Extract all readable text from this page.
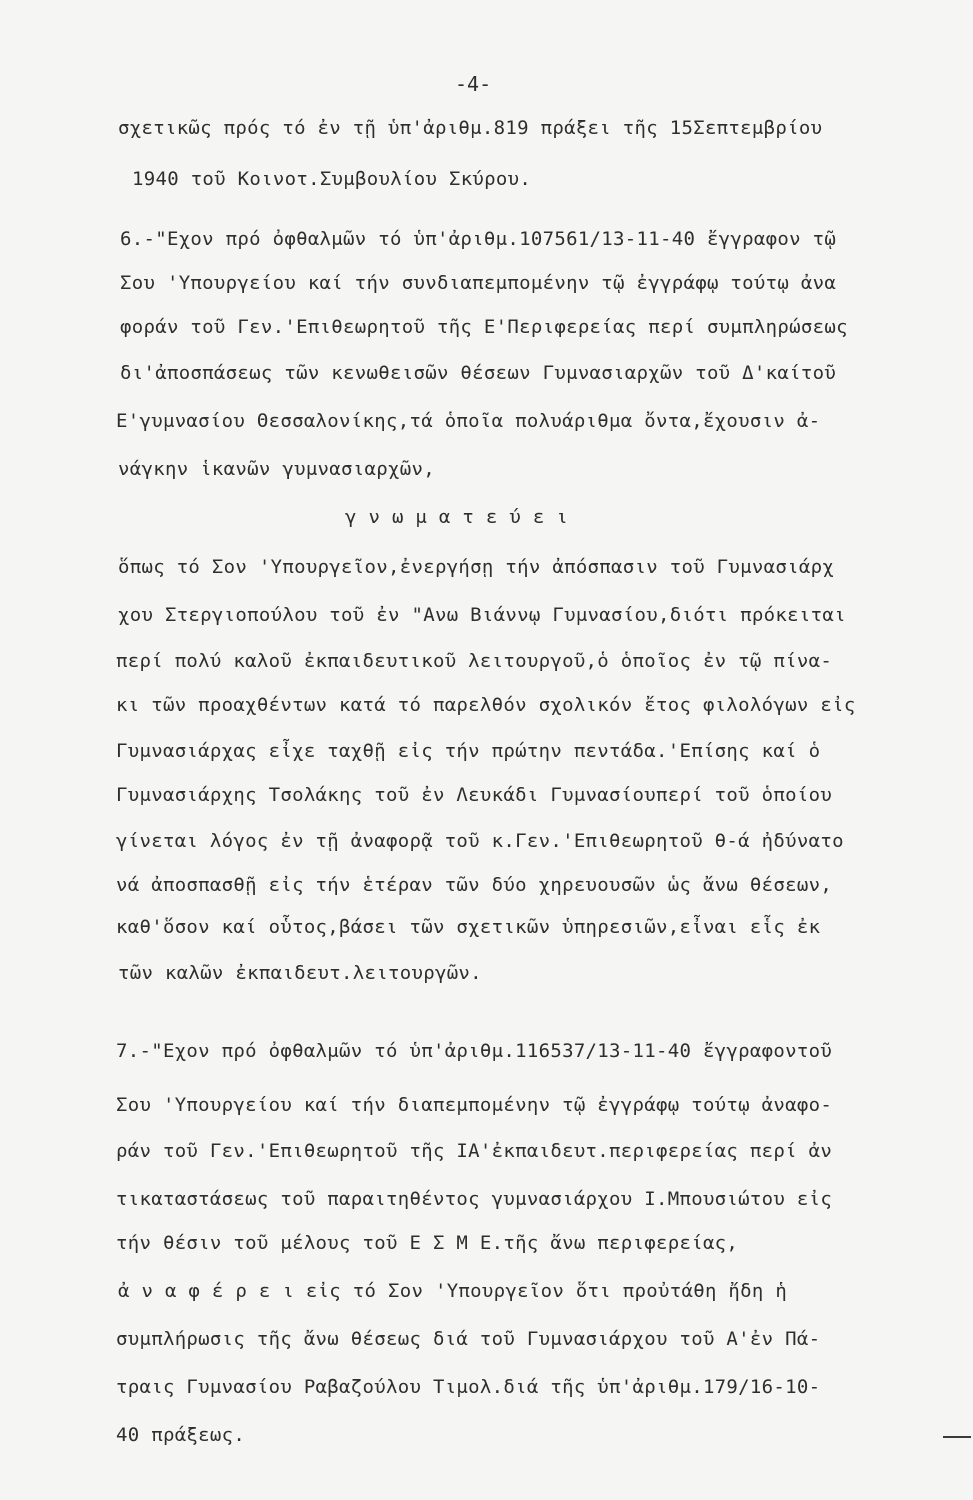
-4-
σχετικῶς πρός τό ἐν τῇ ὑπ'ἀριθμ.819 πράξει τῆς 15Σεπτεμβρίου
1940 τοῦ Κοινοτ.Συμβουλίου Σκύρου.
6.-"Εχον πρό ὀφθαλμῶν τό ὑπ'ἀριθμ.107561/13-11-40 ἔγγραφον τῷ
Σου 'Υπουργείου καί τήν συνδιαπεμπομένην τῷ ἐγγράφῳ τούτῳ ἀνα
φοράν τοῦ Γεν.'Επιθεωρητοῦ τῆς Ε'Περιφερείας περί συμπληρώσεως
δι'ἀποσπάσεως τῶν κενωθεισῶν θέσεων Γυμνασιαρχῶν τοῦ Δ'καίτοῦ
Ε'γυμνασίου Θεσσαλονίκης,τά ὁποῖα πολυάριθμα ὄντα,ἔχουσιν ἀ-
νάγκην ἱκανῶν γυμνασιαρχῶν,
γ ν ω μ α τ ε ύ ε ι
ὅπως τό Σον 'Υπουργεῖον,ἐνεργήσῃ τήν ἀπόσπασιν τοῦ Γυμνασιάρχ
χου Στεργιοπούλου τοῦ ἐν "Ανω Βιάννῳ Γυμνασίου,διότι πρόκειται
περί πολύ καλοῦ ἐκπαιδευτικοῦ λειτουργοῦ,ὁ ὁποῖος ἐν τῷ πίνα-
κι τῶν προαχθέντων κατά τό παρελθόν σχολικόν ἔτος φιλολόγων εἰς
Γυμνασιάρχας εἶχε ταχθῇ εἰς τήν πρώτην πεντάδα.'Επίσης καί ὁ
Γυμνασιάρχης Τσολάκης τοῦ ἐν Λευκάδι Γυμνασίουπερί τοῦ ὁποίου
γίνεται λόγος ἐν τῇ ἀναφορᾷ τοῦ κ.Γεν.'Επιθεωρητοῦ θ-ά ἠδύνατο
νά ἀποσπασθῇ εἰς τήν ἑτέραν τῶν δύο χηρευουσῶν ὡς ἄνω θέσεων,
καθ'ὅσον καί οὗτος,βάσει τῶν σχετικῶν ὑπηρεσιῶν,εἶναι εἷς ἐκ
τῶν καλῶν ἐκπαιδευτ.λειτουργῶν.
7.-"Εχον πρό ὀφθαλμῶν τό ὑπ'ἀριθμ.116537/13-11-40 ἔγγραφοντοῦ
Σου 'Υπουργείου καί τήν διαπεμπομένην τῷ ἐγγράφῳ τούτῳ ἀναφο-
ράν τοῦ Γεν.'Επιθεωρητοῦ τῆς ΙΑ'ἐκπαιδευτ.περιφερείας περί ἀν
τικαταστάσεως τοῦ παραιτηθέντος γυμνασιάρχου Ι.Μπουσιώτου εἰς
τήν θέσιν τοῦ μέλους τοῦ Ε Σ Μ Ε.τῆς ἄνω περιφερείας,
ἀ ν α φ έ ρ ε ι εἰς τό Σον 'Υπουργεῖον ὅτι προὐτάθη ἤδη ἡ
συμπλήρωσις τῆς ἄνω θέσεως διά τοῦ Γυμνασιάρχου τοῦ Α'ἐν Πά-
τραις Γυμνασίου Ραβαζούλου Τιμολ.διά τῆς ὑπ'ἀριθμ.179/16-10-
40 πράξεως.
